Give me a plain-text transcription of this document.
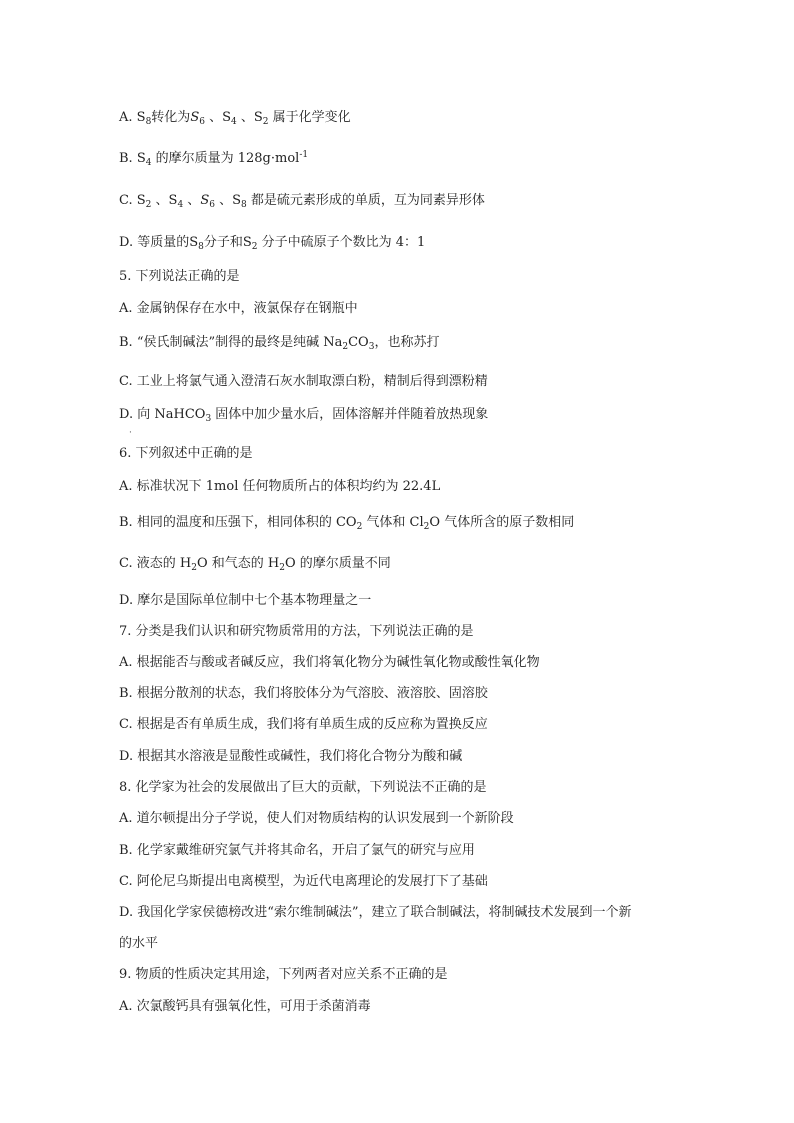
A. $S_8$转化为$S_6$ 、$S_4$ 、$S_2$ 属于化学变化
B. $S_4$ 的摩尔质量为 128g·mol$^{-1}$
C. $S_2$ 、$S_4$ 、$S_6$ 、$S_8$ 都是硫元素形成的单质，互为同素异形体
D. 等质量的$S_8$分子和$S_2$ 分子中硫原子个数比为 4：1
5. 下列说法正确的是
A. 金属钠保存在水中，液氯保存在钢瓶中
B. “侯氏制碱法”制得的最终是纯碱 $Na_2CO_3$，也称苏打
C. 工业上将氯气通入澄清石灰水制取漂白粉，精制后得到漂粉精
D. 向 NaHCO$_3$ 固体中加少量水后，固体溶解并伴随着放热现象
·
6. 下列叙述中正确的是
A. 标准状况下 1mol 任何物质所占的体积均约为 22.4L
B. 相同的温度和压强下，相同体积的 $CO_2$ 气体和 $Cl_2O$ 气体所含的原子数相同
C. 液态的 $H_2O$ 和气态的 $H_2O$ 的摩尔质量不同
D. 摩尔是国际单位制中七个基本物理量之一
7. 分类是我们认识和研究物质常用的方法，下列说法正确的是
A. 根据能否与酸或者碱反应，我们将氧化物分为碱性氧化物或酸性氧化物
B. 根据分散剂的状态，我们将胶体分为气溶胶、液溶胶、固溶胶
C. 根据是否有单质生成，我们将有单质生成的反应称为置换反应
D. 根据其水溶液是显酸性或碱性，我们将化合物分为酸和碱
8. 化学家为社会的发展做出了巨大的贡献，下列说法不正确的是
A. 道尔顿提出分子学说，使人们对物质结构的认识发展到一个新阶段
B. 化学家戴维研究氯气并将其命名，开启了氯气的研究与应用
C. 阿伦尼乌斯提出电离模型，为近代电离理论的发展打下了基础
D. 我国化学家侯德榜改进“索尔维制碱法”，建立了联合制碱法，将制碱技术发展到一个新
的水平
9. 物质的性质决定其用途，下列两者对应关系不正确的是
A. 次氯酸钙具有强氧化性，可用于杀菌消毒
